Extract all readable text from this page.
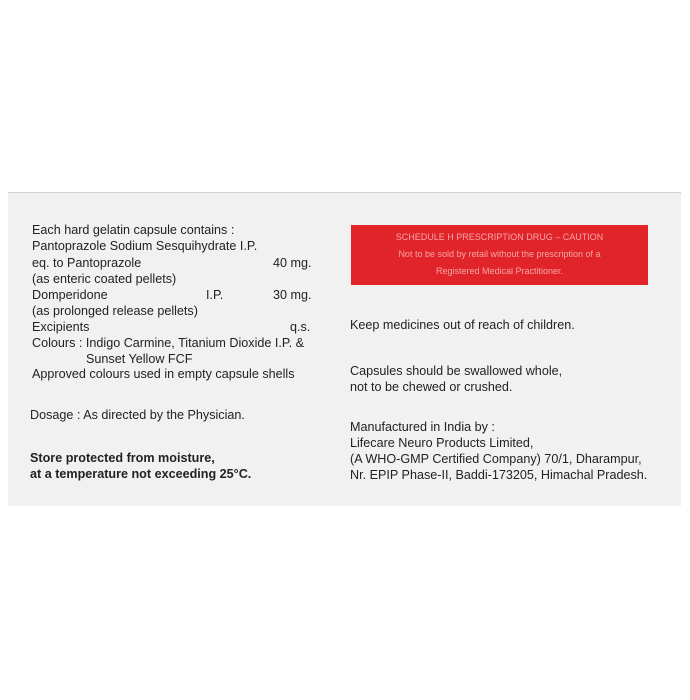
Each hard gelatin capsule contains :
Pantoprazole Sodium Sesquihydrate I.P.
eq. to Pantoprazole	40 mg.
(as enteric coated pellets)
Domperidone	I.P.	30 mg.
(as prolonged release pellets)
Excipients	q.s.
Colours : Indigo Carmine, Titanium Dioxide I.P. &
Sunset Yellow FCF
Approved colours used in empty capsule shells
Dosage : As directed by the Physician.
Store protected from moisture,
at a temperature not exceeding 25°C.
SCHEDULE H PRESCRIPTION DRUG – CAUTION
Not to be sold by retail without the prescription of a
Registered Medical Practitioner.
Keep medicines out of reach of children.
Capsules should be swallowed whole,
not to be chewed or crushed.
Manufactured in India by :
Lifecare Neuro Products Limited,
(A WHO-GMP Certified Company) 70/1, Dharampur,
Nr. EPIP Phase-II, Baddi-173205, Himachal Pradesh.
